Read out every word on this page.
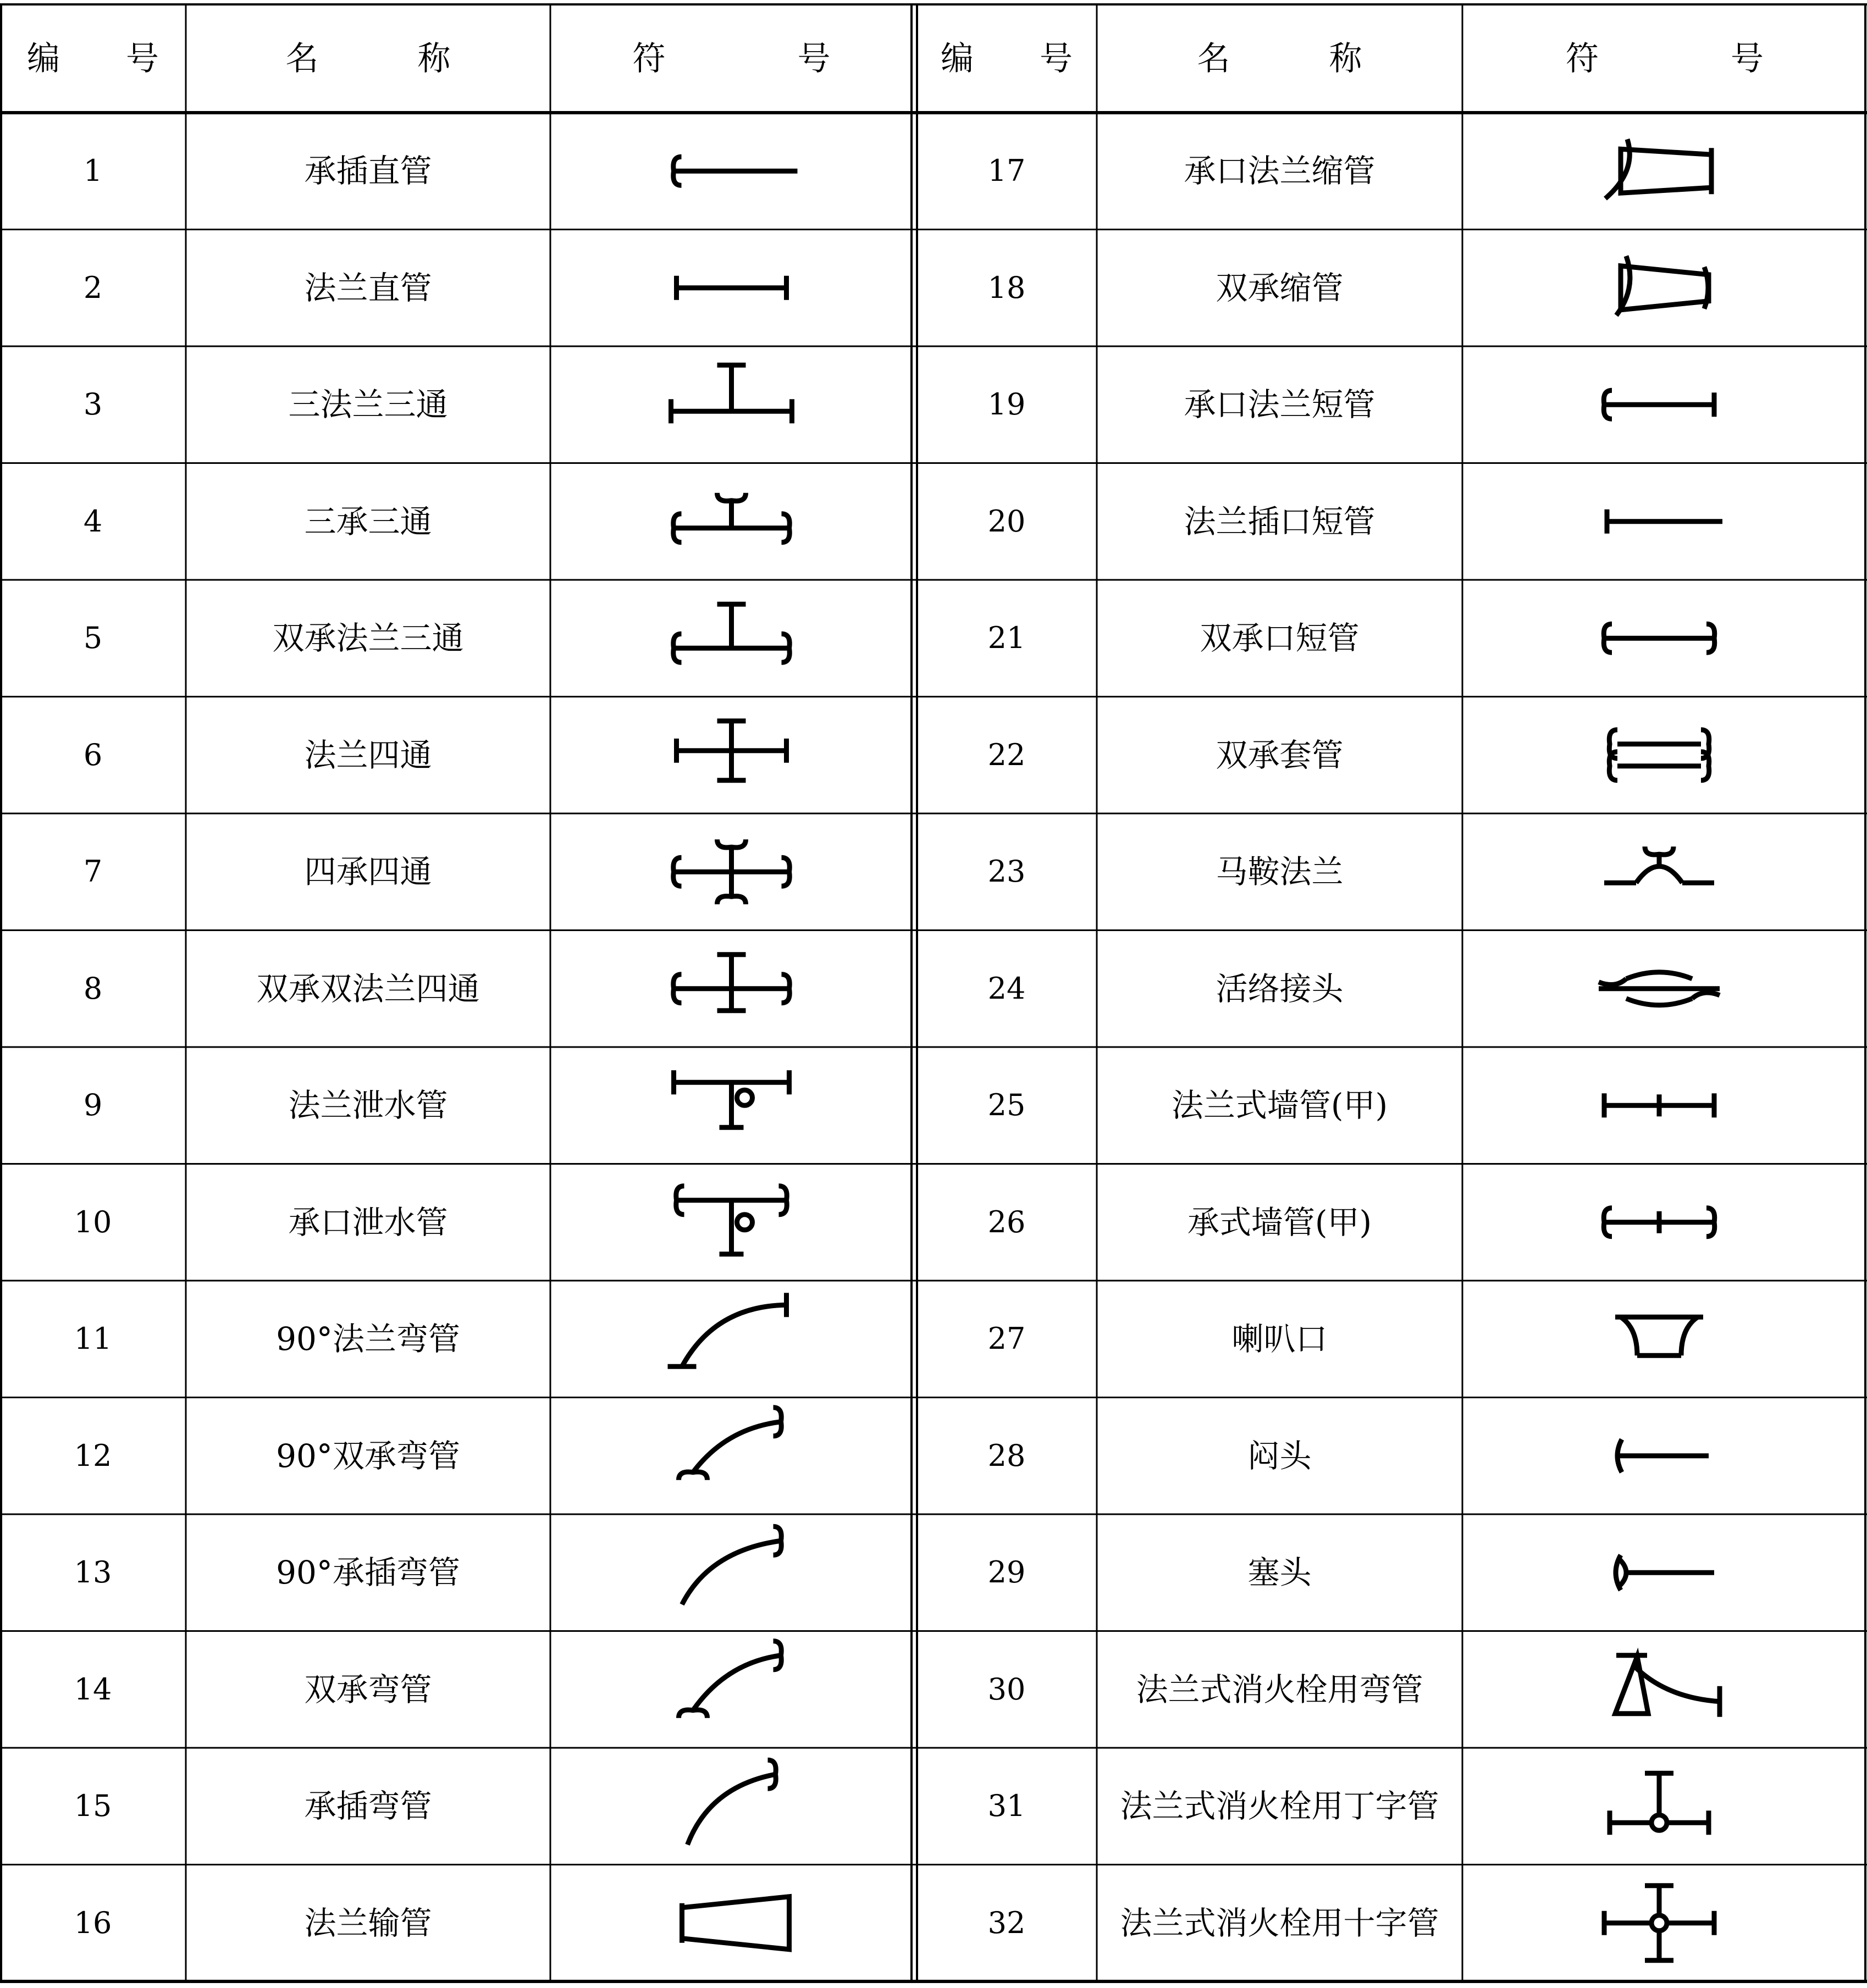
编　　号	名　　　称	符　　　　号	编　　号	名　　　称	符　　　　号
1	承插直管	17	承口法兰缩管
2	法兰直管	18	双承缩管
3	三法兰三通	19	承口法兰短管
4	三承三通	20	法兰插口短管
5	双承法兰三通	21	双承口短管
6	法兰四通	22	双承套管
7	四承四通	23	马鞍法兰
8	双承双法兰四通	24	活络接头
9	法兰泄水管	25	法兰式墙管(甲)
10	承口泄水管	26	承式墙管(甲)
11	90°法兰弯管	27	喇叭口
12	90°双承弯管	28	闷头
13	90°承插弯管	29	塞头
14	双承弯管	30	法兰式消火栓用弯管
15	承插弯管	31	法兰式消火栓用丁字管
16	法兰输管	32	法兰式消火栓用十字管
